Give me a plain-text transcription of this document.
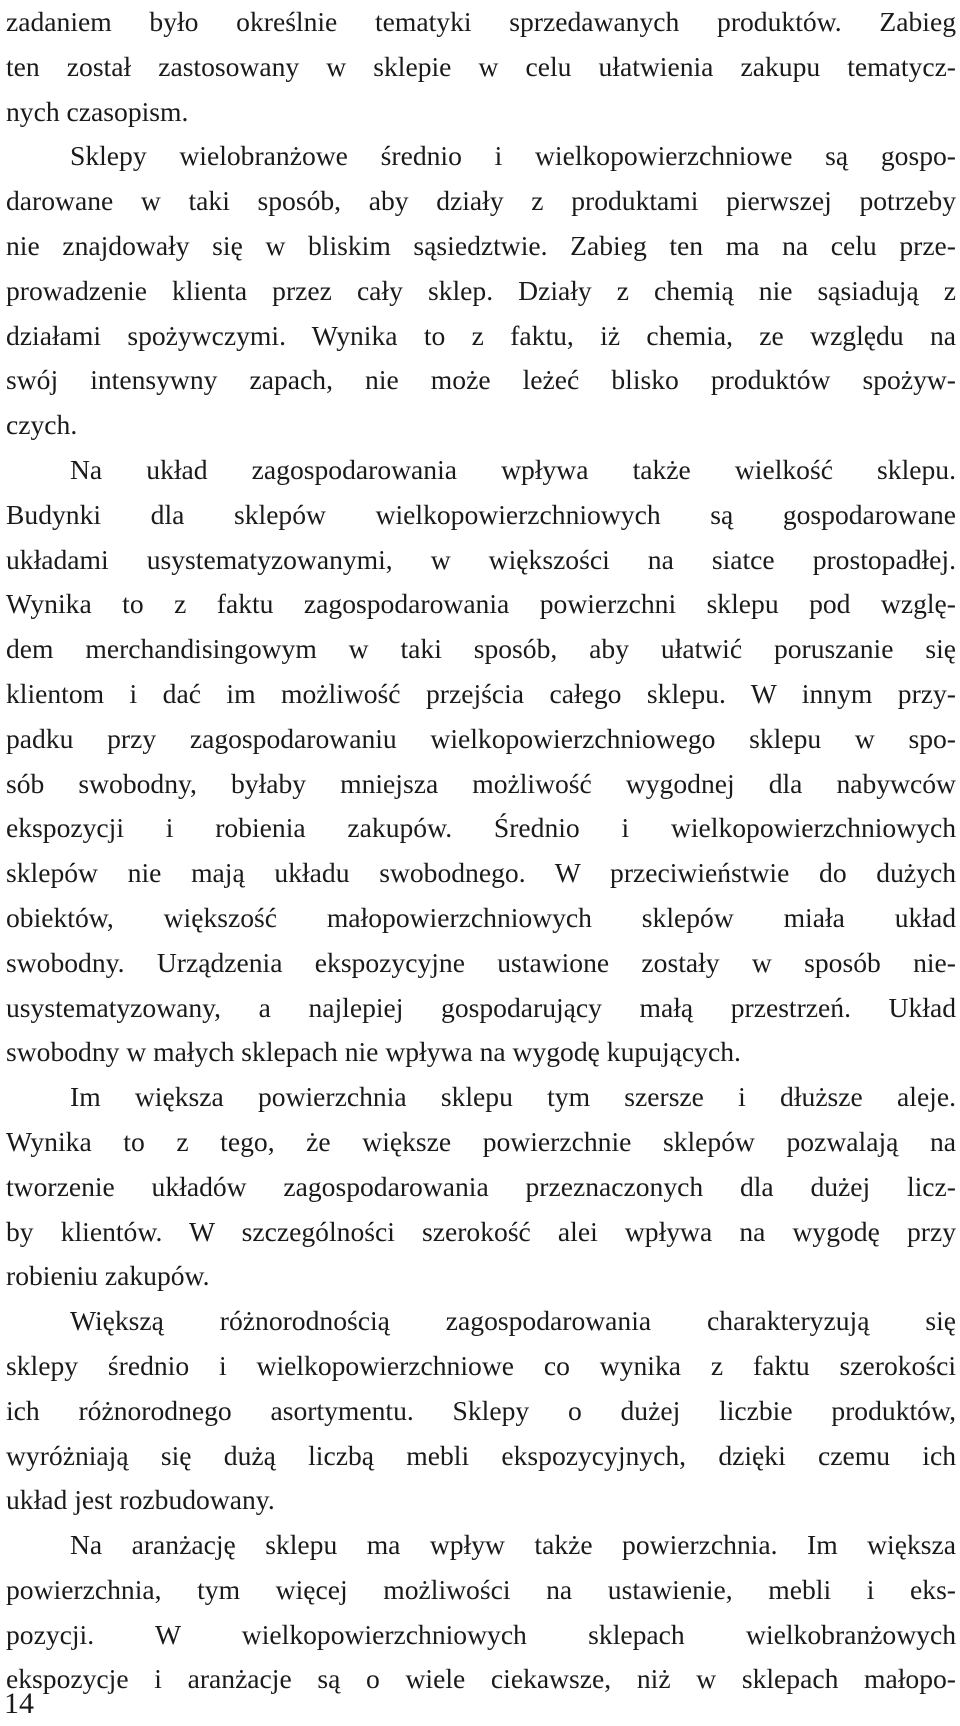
zadaniem było określnie tematyki sprzedawanych produktów. Zabieg
ten został zastosowany w sklepie w celu ułatwienia zakupu tematycz-
nych czasopism.
Sklepy wielobranżowe średnio i wielkopowierzchniowe są gospo-
darowane w taki sposób, aby działy z produktami pierwszej potrzeby
nie znajdowały się w bliskim sąsiedztwie. Zabieg ten ma na celu prze-
prowadzenie klienta przez cały sklep. Działy z chemią nie sąsiadują z
działami spożywczymi. Wynika to z faktu, iż chemia, ze względu na
swój intensywny zapach, nie może leżeć blisko produktów spożyw-
czych.
Na układ zagospodarowania wpływa także wielkość sklepu.
Budynki dla sklepów wielkopowierzchniowych są gospodarowane
układami usystematyzowanymi, w większości na siatce prostopadłej.
Wynika to z faktu zagospodarowania powierzchni sklepu pod wzglę-
dem merchandisingowym w taki sposób, aby ułatwić poruszanie się
klientom i dać im możliwość przejścia całego sklepu. W innym przy-
padku przy zagospodarowaniu wielkopowierzchniowego sklepu w spo-
sób swobodny, byłaby mniejsza możliwość wygodnej dla nabywców
ekspozycji i robienia zakupów. Średnio i wielkopowierzchniowych
sklepów nie mają układu swobodnego. W przeciwieństwie do dużych
obiektów, większość małopowierzchniowych sklepów miała układ
swobodny. Urządzenia ekspozycyjne ustawione zostały w sposób nie-
usystematyzowany, a najlepiej gospodarujący małą przestrzeń. Układ
swobodny w małych sklepach nie wpływa na wygodę kupujących.
Im większa powierzchnia sklepu tym szersze i dłuższe aleje.
Wynika to z tego, że większe powierzchnie sklepów pozwalają na
tworzenie układów zagospodarowania przeznaczonych dla dużej licz-
by klientów. W szczególności szerokość alei wpływa na wygodę przy
robieniu zakupów.
Większą różnorodnością zagospodarowania charakteryzują się
sklepy średnio i wielkopowierzchniowe co wynika z faktu szerokości
ich różnorodnego asortymentu. Sklepy o dużej liczbie produktów,
wyróżniają się dużą liczbą mebli ekspozycyjnych, dzięki czemu ich
układ jest rozbudowany.
Na aranżację sklepu ma wpływ także powierzchnia. Im większa
powierzchnia, tym więcej możliwości na ustawienie, mebli i eks-
pozycji. W wielkopowierzchniowych sklepach wielkobranżowych
ekspozycje i aranżacje są o wiele ciekawsze, niż w sklepach małopo-
14
